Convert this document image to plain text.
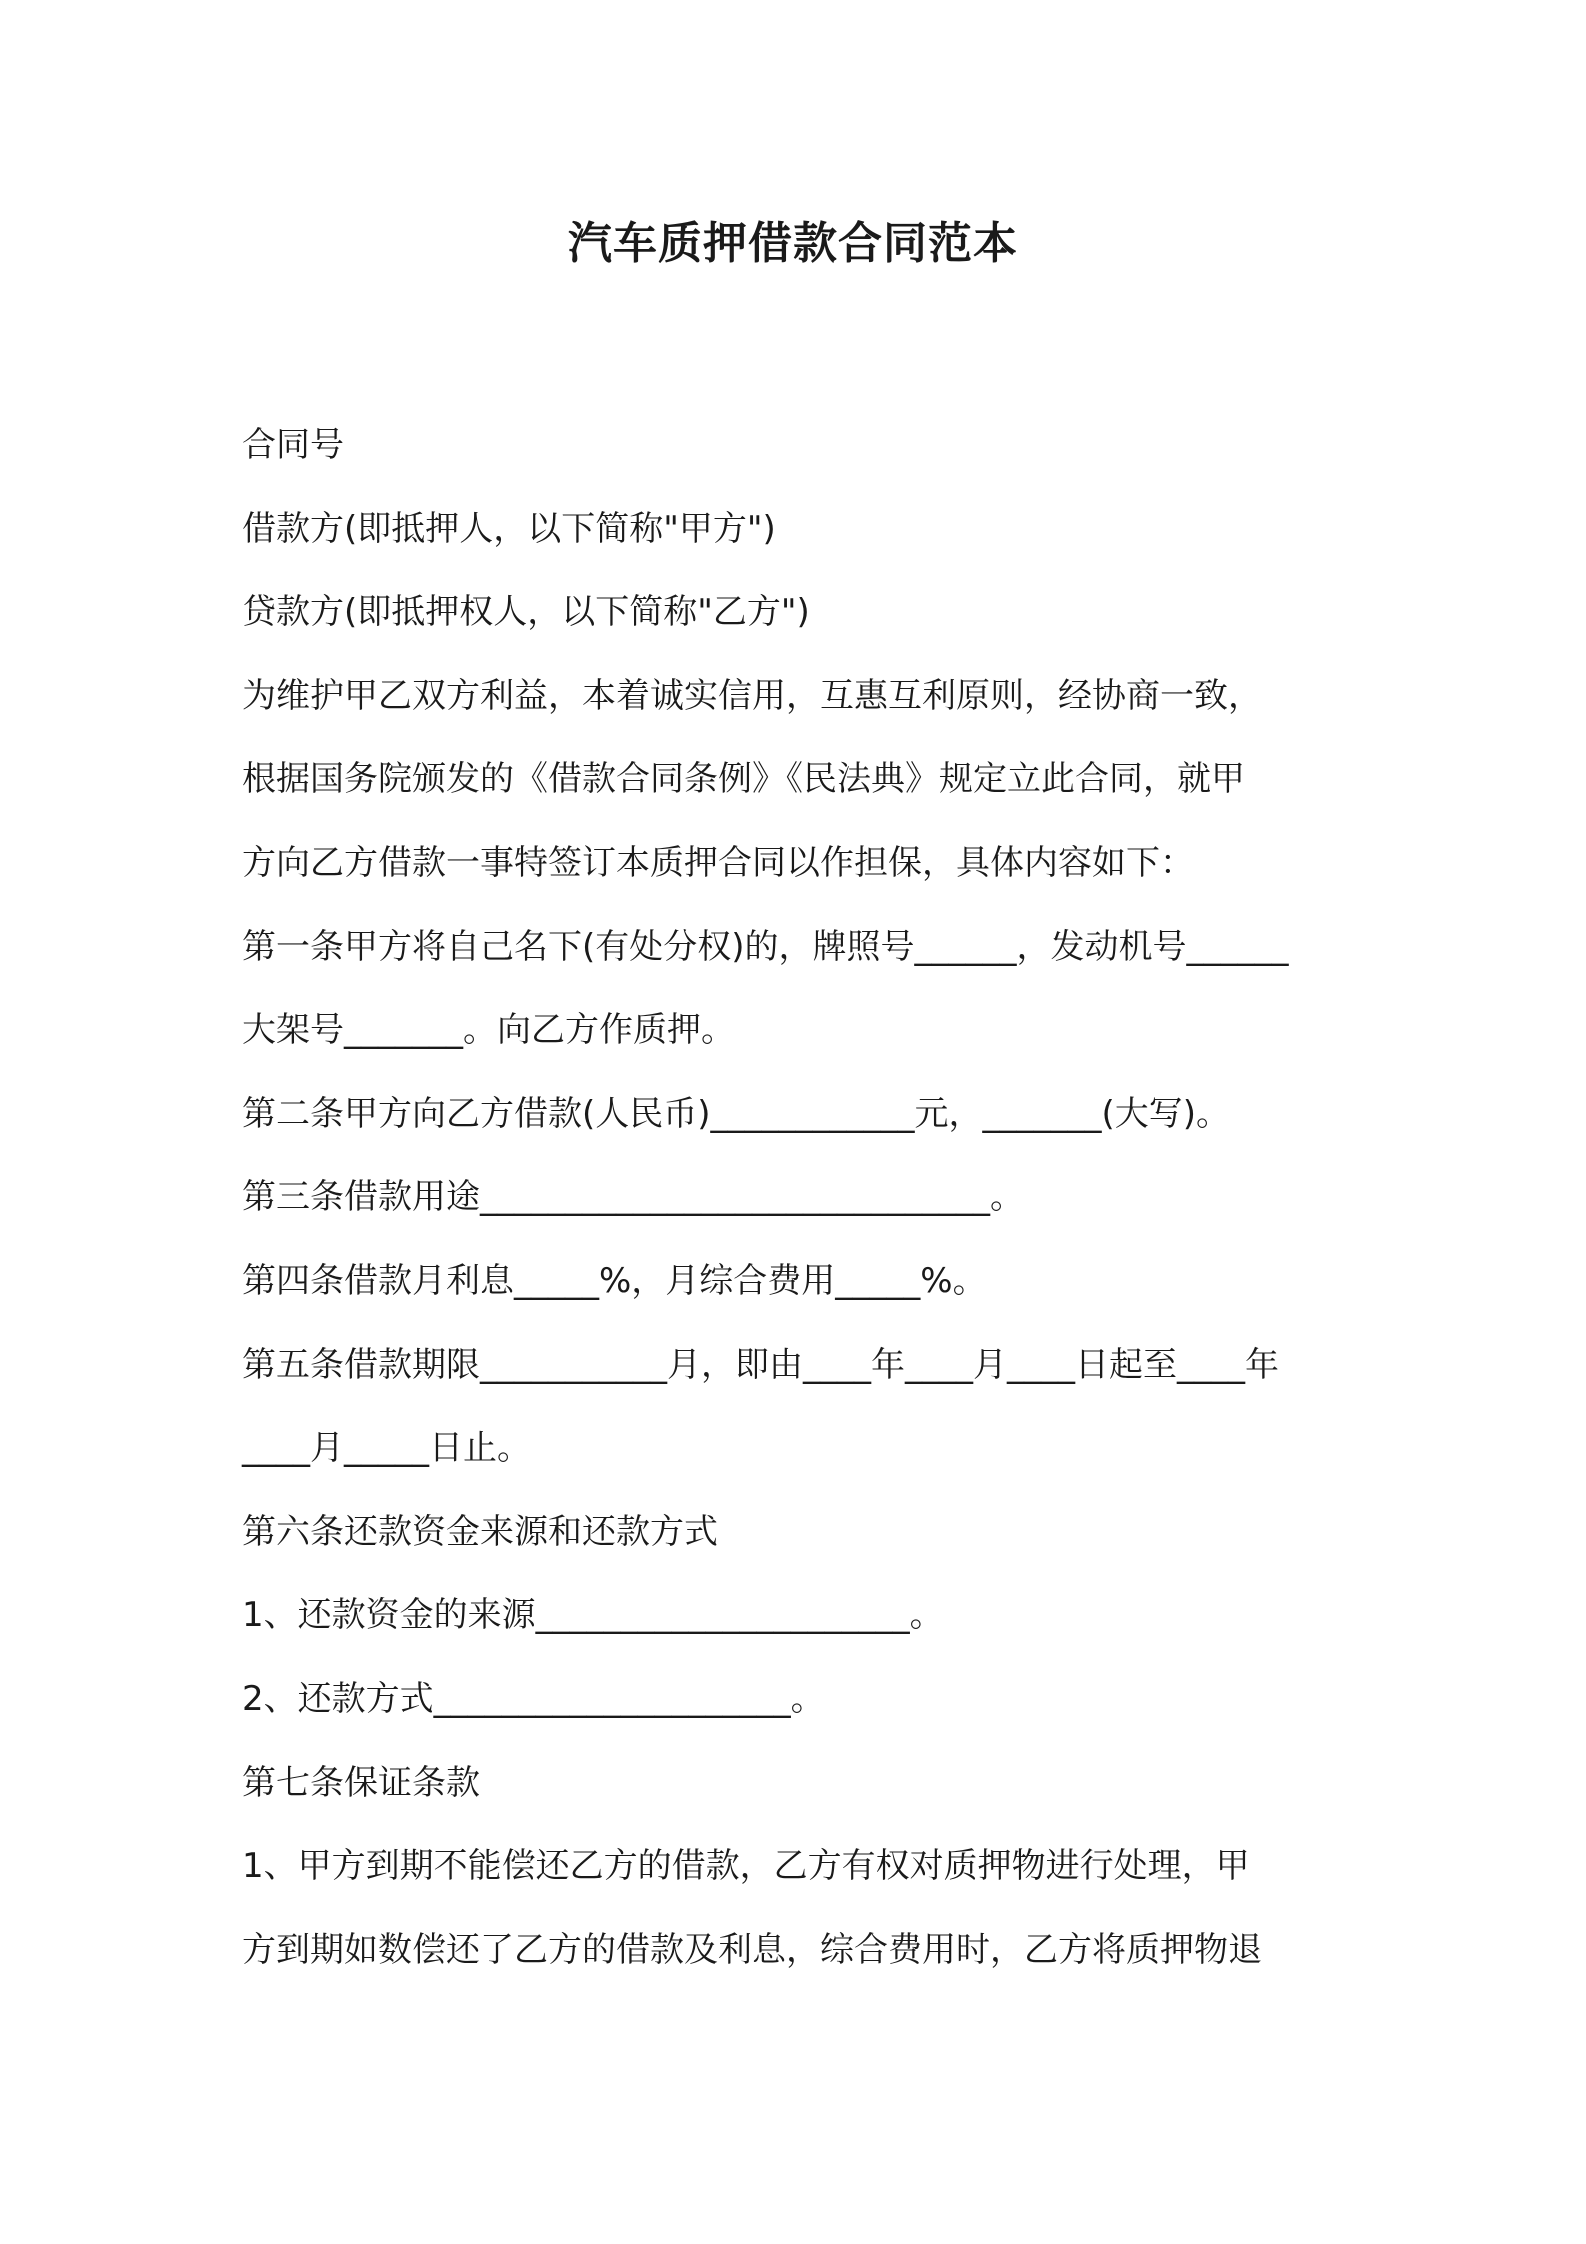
汽车质押借款合同范本
合同号
借款方(即抵押人，以下简称"甲方")
贷款方(即抵押权人，以下简称"乙方")
为维护甲乙双方利益，本着诚实信用，互惠互利原则，经协商一致，
根据国务院颁发的《借款合同条例》《民法典》规定立此合同，就甲
方向乙方借款一事特签订本质押合同以作担保，具体内容如下：
第一条甲方将自己名下(有处分权)的，牌照号______，发动机号______
大架号_______。向乙方作质押。
第二条甲方向乙方借款(人民币)____________元，_______(大写)。
第三条借款用途______________________________。
第四条借款月利息_____%，月综合费用_____%。
第五条借款期限___________月，即由____年____月____日起至____年
____月_____日止。
第六条还款资金来源和还款方式
1、还款资金的来源______________________。
2、还款方式_____________________。
第七条保证条款
1、甲方到期不能偿还乙方的借款，乙方有权对质押物进行处理，甲
方到期如数偿还了乙方的借款及利息，综合费用时，乙方将质押物退
